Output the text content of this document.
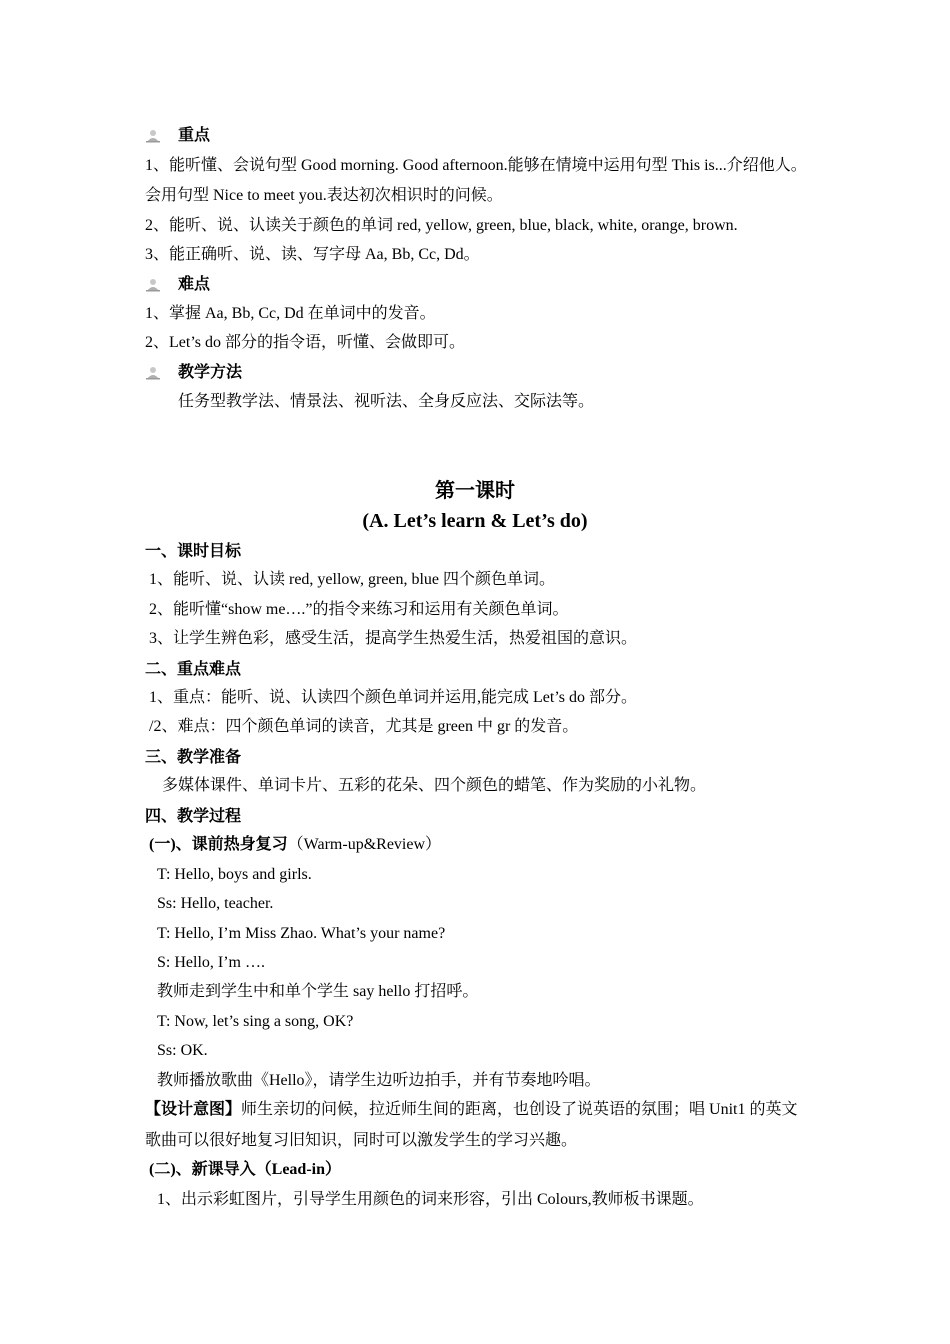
重点
1、能听懂、会说句型 Good morning. Good afternoon.能够在情境中运用句型 This is...介绍他人。
会用句型 Nice to meet you.表达初次相识时的问候。
2、能听、说、认读关于颜色的单词 red, yellow, green, blue, black, white, orange, brown.
3、能正确听、说、读、写字母 Aa, Bb, Cc, Dd。
难点
1、掌握 Aa, Bb, Cc, Dd 在单词中的发音。
2、Let’s do 部分的指令语，听懂、会做即可。
教学方法
任务型教学法、情景法、视听法、全身反应法、交际法等。
第一课时
(A. Let’s learn & Let’s do)
一、课时目标
1、能听、说、认读 red, yellow, green, blue 四个颜色单词。
2、能听懂“show me….”的指令来练习和运用有关颜色单词。
3、让学生辨色彩，感受生活，提高学生热爱生活，热爱祖国的意识。
二、重点难点
1、重点：能听、说、认读四个颜色单词并运用,能完成 Let’s do 部分。
/2、难点：四个颜色单词的读音，尤其是 green 中 gr 的发音。
三、教学准备
多媒体课件、单词卡片、五彩的花朵、四个颜色的蜡笔、作为奖励的小礼物。
四、教学过程
(一)、课前热身复习（Warm-up&Review）
T: Hello, boys and girls.
Ss: Hello, teacher.
T: Hello, I’m Miss Zhao. What’s your name?
S: Hello, I’m ….
教师走到学生中和单个学生 say hello 打招呼。
T: Now, let’s sing a song, OK?
Ss: OK.
教师播放歌曲《Hello》，请学生边听边拍手，并有节奏地吟唱。
【设计意图】师生亲切的问候，拉近师生间的距离，也创设了说英语的氛围；唱 Unit1 的英文
歌曲可以很好地复习旧知识，同时可以激发学生的学习兴趣。
(二)、新课导入（Lead-in）
1、出示彩虹图片，引导学生用颜色的词来形容，引出 Colours,教师板书课题。
